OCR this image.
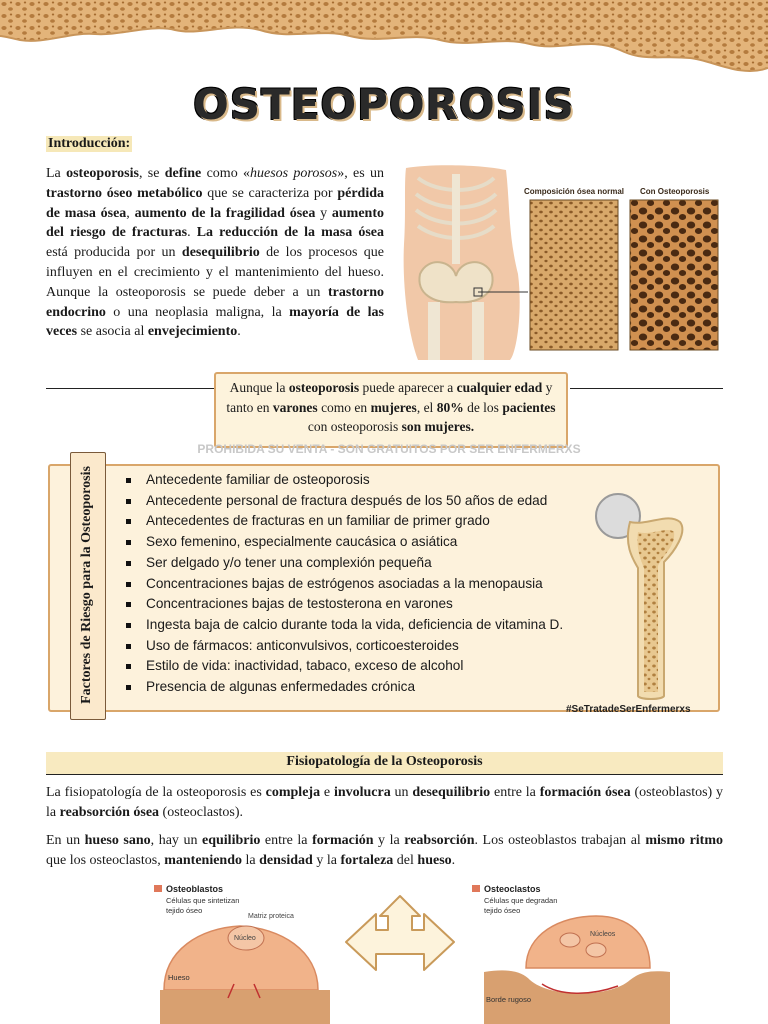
OSTEOPOROSIS
Introducción:
La osteoporosis, se define como «huesos porosos», es un trastorno óseo metabólico que se caracteriza por pérdida de masa ósea, aumento de la fragilidad ósea y aumento del riesgo de fracturas. La reducción de la masa ósea está producida por un desequilibrio de los procesos que influyen en el crecimiento y el mantenimiento del hueso. Aunque la osteoporosis se puede deber a un trastorno endocrino o una neoplasia maligna, la mayoría de las veces se asocia al envejecimiento.
Composición ósea normal Con Osteoporosis
Aunque la osteoporosis puede aparecer a cualquier edad y tanto en varones como en mujeres, el 80% de los pacientes con osteoporosis son mujeres.
PROHIBIDA SU VENTA - SON GRATUITOS POR SER ENFERMERXS
Factores de Riesgo para la Osteoporosis	Antecedente familiar de osteoporosis
Antecedente personal de fractura después de los 50 años de edad
Antecedentes de fracturas en un familiar de primer grado
Sexo femenino, especialmente caucásica o asiática
Ser delgado y/o tener una complexión pequeña
Concentraciones bajas de estrógenos asociadas a la menopausia
Concentraciones bajas de testosterona en varones
Ingesta baja de calcio durante toda la vida, deficiencia de vitamina D.
Uso de fármacos: anticonvulsivos, corticoesteroides
Estilo de vida: inactividad, tabaco, exceso de alcohol
Presencia de algunas enfermedades crónica
#SeTratadeSerEnfermerxs
Fisiopatología de la Osteoporosis
La fisiopatología de la osteoporosis es compleja e involucra un desequilibrio entre la formación ósea (osteoblastos) y la reabsorción ósea (osteoclastos).
En un hueso sano, hay un equilibrio entre la formación y la reabsorción. Los osteoblastos trabajan al mismo ritmo que los osteoclastos, manteniendo la densidad y la fortaleza del hueso.
Osteoblastos
Células que sintetizan
tejido óseo
Núcleo
Matriz proteica
Hueso
Osteoclastos
Células que degradan
tejido óseo
Núcleos
Borde rugoso
